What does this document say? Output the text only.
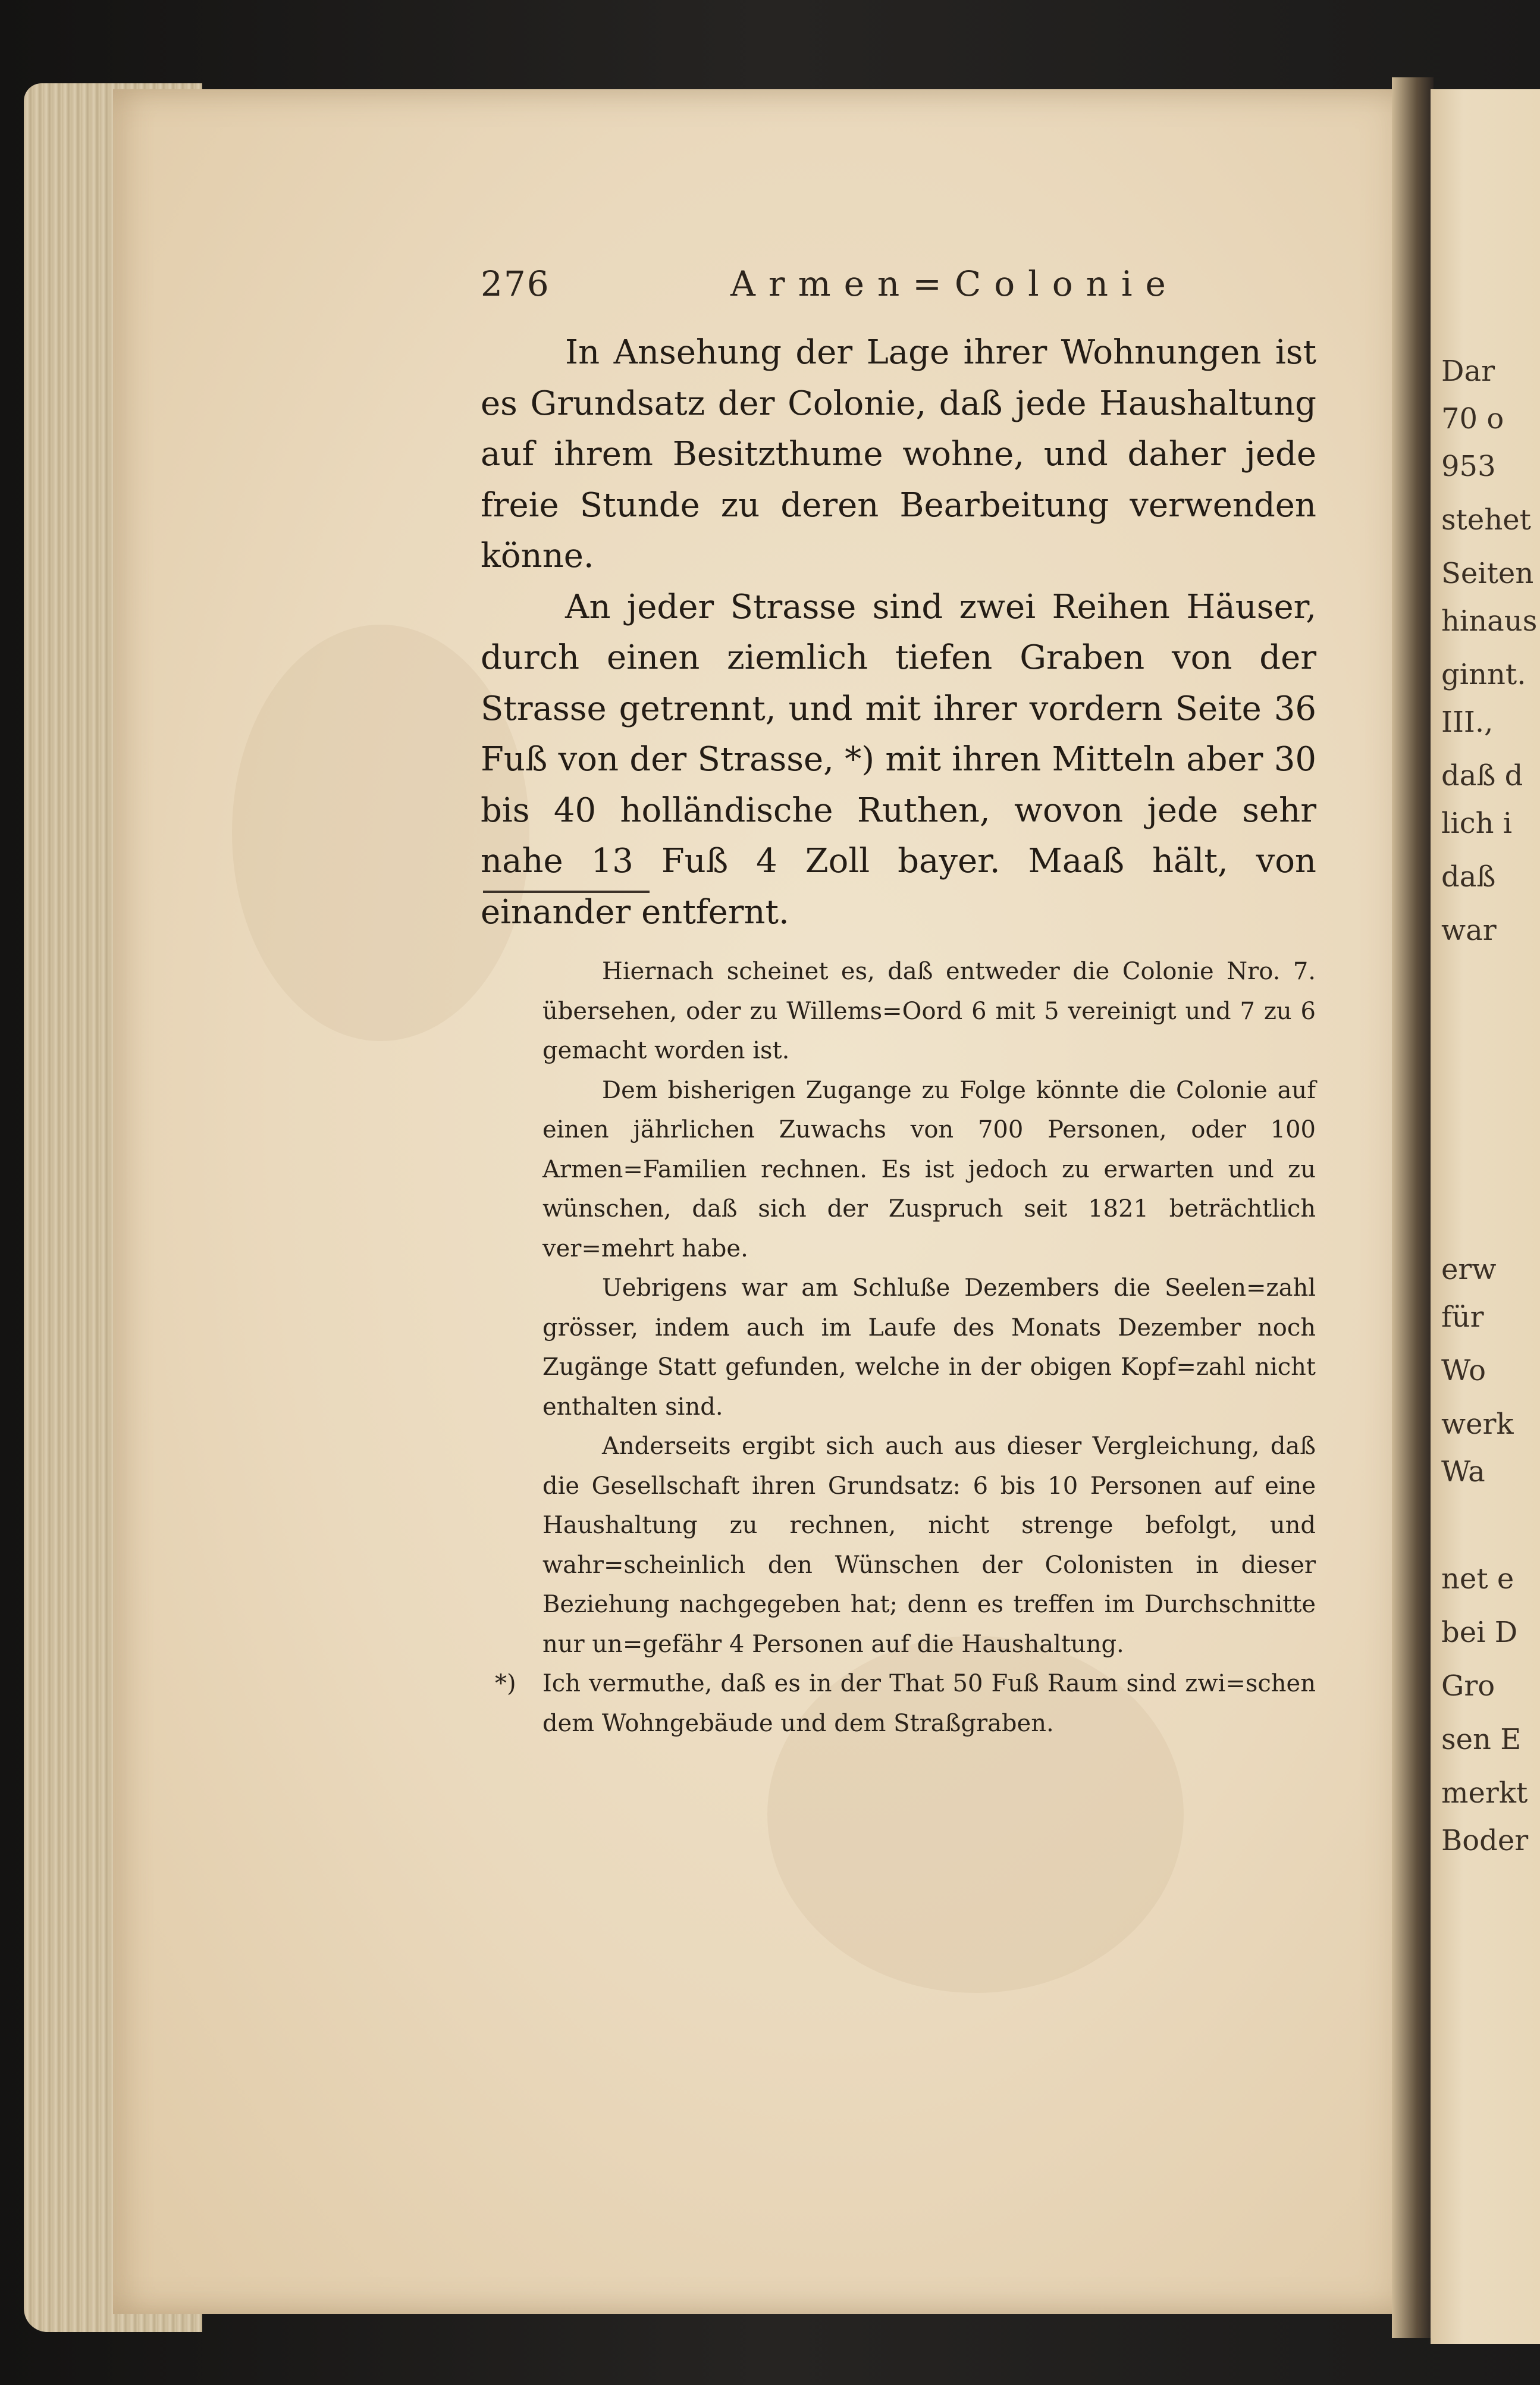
Dar
70 o
953
stehet
Seiten
hinaus
ginnt.
III.,
daß d
lich i
daß
war
erw
für
Wo
werk
Wa
net e
bei D
Gro
sen E
merkt
Boder
276	Armen=Colonie

In Ansehung der Lage ihrer Wohnungen ist es Grundsatz der Colonie, daß jede Haushaltung auf ihrem Besitzthume wohne, und daher jede freie Stunde zu deren Bearbeitung verwenden könne.

An jeder Strasse sind zwei Reihen Häuser, durch einen ziemlich tiefen Graben von der Strasse getrennt, und mit ihrer vordern Seite 36 Fuß von der Strasse, *) mit ihren Mitteln aber 30 bis 40 holländische Ruthen, wovon jede sehr nahe 13 Fuß 4 Zoll bayer. Maaß hält, von einander entfernt.

Hiernach scheinet es, daß entweder die Colonie Nro. 7. übersehen, oder zu Willems=Oord 6 mit 5 vereinigt und 7 zu 6 gemacht worden ist.

Dem bisherigen Zugange zu Folge könnte die Colonie auf einen jährlichen Zuwachs von 700 Personen, oder 100 Armen=Familien rechnen. Es ist jedoch zu erwarten und zu wünschen, daß sich der Zuspruch seit 1821 beträchtlich ver=mehrt habe.

Uebrigens war am Schluße Dezembers die Seelen=zahl grösser, indem auch im Laufe des Monats Dezember noch Zugänge Statt gefunden, welche in der obigen Kopf=zahl nicht enthalten sind.

Anderseits ergibt sich auch aus dieser Vergleichung, daß die Gesellschaft ihren Grundsatz: 6 bis 10 Personen auf eine Haushaltung zu rechnen, nicht strenge befolgt, und wahr=scheinlich den Wünschen der Colonisten in dieser Beziehung nachgegeben hat; denn es treffen im Durchschnitte nur un=gefähr 4 Personen auf die Haushaltung.

*) Ich vermuthe, daß es in der That 50 Fuß Raum sind zwi=schen dem Wohngebäude und dem Straßgraben.
